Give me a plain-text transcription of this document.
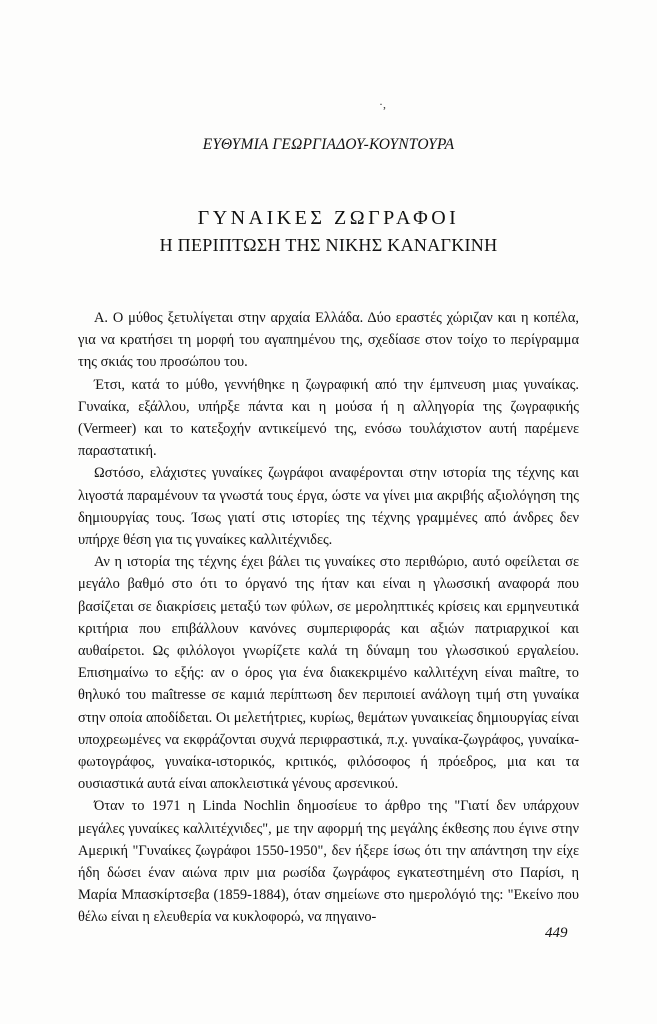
·,
ΕΥΘΥΜΙΑ ΓΕΩΡΓΙΑΔΟΥ-ΚΟΥΝΤΟΥΡΑ
ΓΥΝΑΙΚΕΣ ΖΩΓΡΑΦΟΙ
Η ΠΕΡΙΠΤΩΣΗ ΤΗΣ ΝΙΚΗΣ ΚΑΝΑΓΚΙΝΗ

Α. Ο μύθος ξετυλίγεται στην αρχαία Ελλάδα. Δύο εραστές χώριζαν και η κοπέλα, για να κρατήσει τη μορφή του αγαπημένου της, σχεδίασε στον τοίχο το περίγραμμα της σκιάς του προσώπου του.

Έτσι, κατά το μύθο, γεννήθηκε η ζωγραφική από την έμπνευση μιας γυναίκας. Γυναίκα, εξάλλου, υπήρξε πάντα και η μούσα ή η αλληγορία της ζωγραφικής (Vermeer) και το κατεξοχήν αντικείμενό της, ενόσω τουλάχιστον αυτή παρέμενε παραστατική.

Ωστόσο, ελάχιστες γυναίκες ζωγράφοι αναφέρονται στην ιστορία της τέχνης και λιγοστά παραμένουν τα γνωστά τους έργα, ώστε να γίνει μια ακριβής αξιολόγηση της δημιουργίας τους. Ίσως γιατί στις ιστορίες της τέχνης γραμμένες από άνδρες δεν υπήρχε θέση για τις γυναίκες καλλιτέχνιδες.

Αν η ιστορία της τέχνης έχει βάλει τις γυναίκες στο περιθώριο, αυτό οφείλεται σε μεγάλο βαθμό στο ότι το όργανό της ήταν και είναι η γλωσσική αναφορά που βασίζεται σε διακρίσεις μεταξύ των φύλων, σε μεροληπτικές κρίσεις και ερμηνευτικά κριτήρια που επιβάλλουν κανόνες συμπεριφοράς και αξιών πατριαρχικοί και αυθαίρετοι. Ως φιλόλογοι γνωρίζετε καλά τη δύναμη του γλωσσικού εργαλείου. Επισημαίνω το εξής: αν ο όρος για ένα διακεκριμένο καλλιτέχνη είναι maître, το θηλυκό του maîtresse σε καμιά περίπτωση δεν περιποιεί ανάλογη τιμή στη γυναίκα στην οποία αποδίδεται. Οι μελετήτριες, κυρίως, θεμάτων γυναικείας δημιουργίας είναι υποχρεωμένες να εκφράζονται συχνά περιφραστικά, π.χ. γυναίκα-ζωγράφος, γυναίκα-φωτογράφος, γυναίκα-ιστορικός, κριτικός, φιλόσοφος ή πρόεδρος, μια και τα ουσιαστικά αυτά είναι αποκλειστικά γένους αρσενικού.

Όταν το 1971 η Linda Nochlin δημοσίευε το άρθρο της "Γιατί δεν υπάρχουν μεγάλες γυναίκες καλλιτέχνιδες", με την αφορμή της μεγάλης έκθεσης που έγινε στην Αμερική "Γυναίκες ζωγράφοι 1550-1950", δεν ήξερε ίσως ότι την απάντηση την είχε ήδη δώσει έναν αιώνα πριν μια ρωσίδα ζωγράφος εγκατεστημένη στο Παρίσι, η Μαρία Μπασκίρτσεβα (1859-1884), όταν σημείωνε στο ημερολόγιό της: "Εκείνο που θέλω είναι η ελευθερία να κυκλοφορώ, να πηγαινο-

449
